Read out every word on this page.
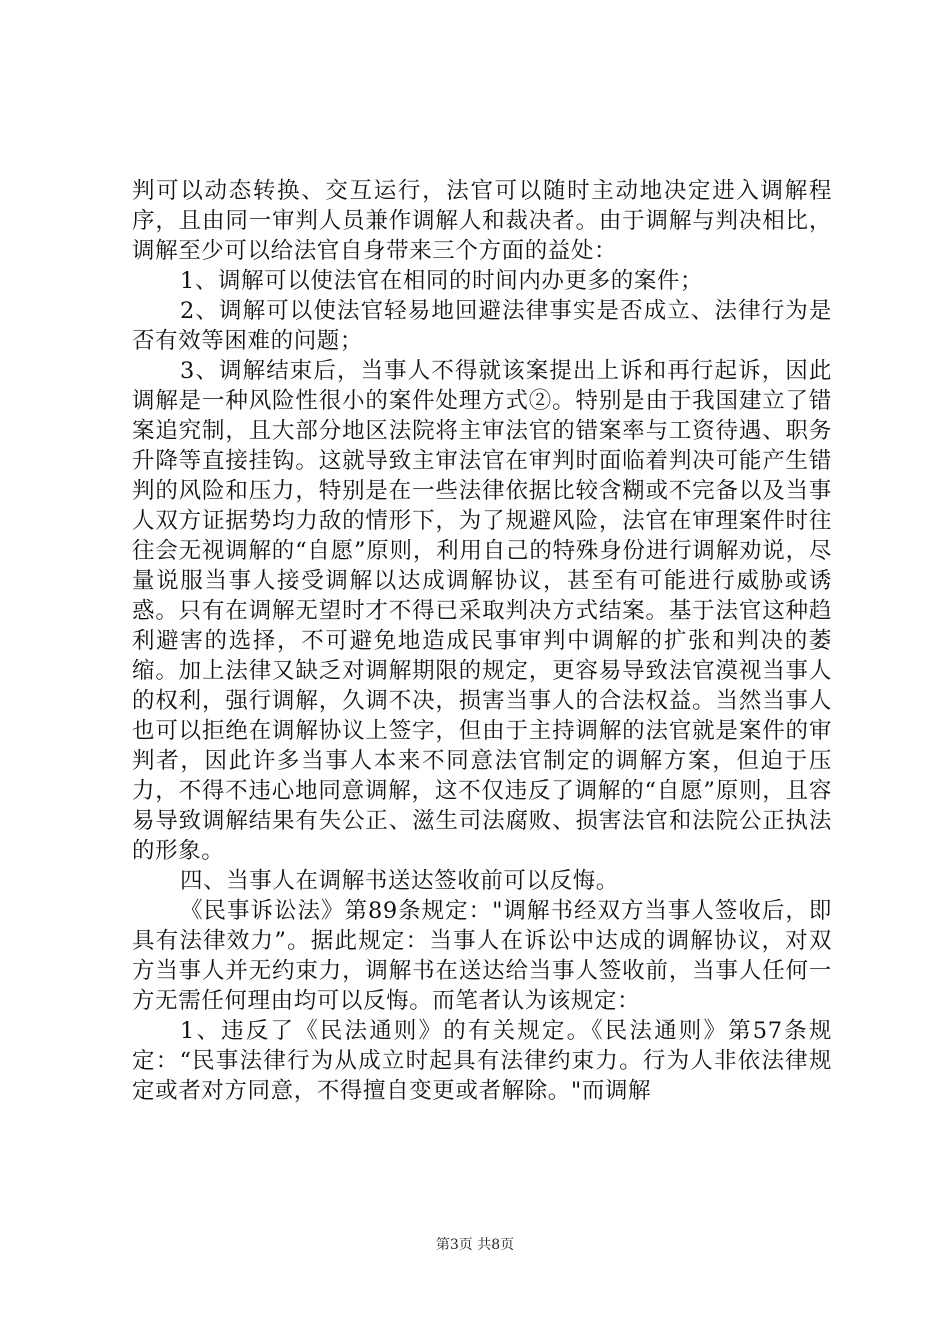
判可以动态转换、交互运行，法官可以随时主动地决定进入调解程序，且由同一审判人员兼作调解人和裁决者。由于调解与判决相比，调解至少可以给法官自身带来三个方面的益处：

1、调解可以使法官在相同的时间内办更多的案件；

2、调解可以使法官轻易地回避法律事实是否成立、法律行为是否有效等困难的问题；

3、调解结束后，当事人不得就该案提出上诉和再行起诉，因此调解是一种风险性很小的案件处理方式②。特别是由于我国建立了错案追究制，且大部分地区法院将主审法官的错案率与工资待遇、职务升降等直接挂钩。这就导致主审法官在审判时面临着判决可能产生错判的风险和压力，特别是在一些法律依据比较含糊或不完备以及当事人双方证据势均力敌的情形下，为了规避风险，法官在审理案件时往往会无视调解的“自愿”原则，利用自己的特殊身份进行调解劝说，尽量说服当事人接受调解以达成调解协议，甚至有可能进行威胁或诱惑。只有在调解无望时才不得已采取判决方式结案。基于法官这种趋利避害的选择，不可避免地造成民事审判中调解的扩张和判决的萎缩。加上法律又缺乏对调解期限的规定，更容易导致法官漠视当事人的权利，强行调解，久调不决，损害当事人的合法权益。当然当事人也可以拒绝在调解协议上签字，但由于主持调解的法官就是案件的审判者，因此许多当事人本来不同意法官制定的调解方案，但迫于压力，不得不违心地同意调解，这不仅违反了调解的“自愿”原则，且容易导致调解结果有失公正、滋生司法腐败、损害法官和法院公正执法的形象。

四、当事人在调解书送达签收前可以反悔。

《民事诉讼法》第89条规定："调解书经双方当事人签收后，即具有法律效力”。据此规定：当事人在诉讼中达成的调解协议，对双方当事人并无约束力，调解书在送达给当事人签收前，当事人任何一方无需任何理由均可以反悔。而笔者认为该规定：

1、违反了《民法通则》的有关规定。《民法通则》第57条规定：“民事法律行为从成立时起具有法律约束力。行为人非依法律规定或者对方同意，不得擅自变更或者解除。"而调解

第3页 共8页
